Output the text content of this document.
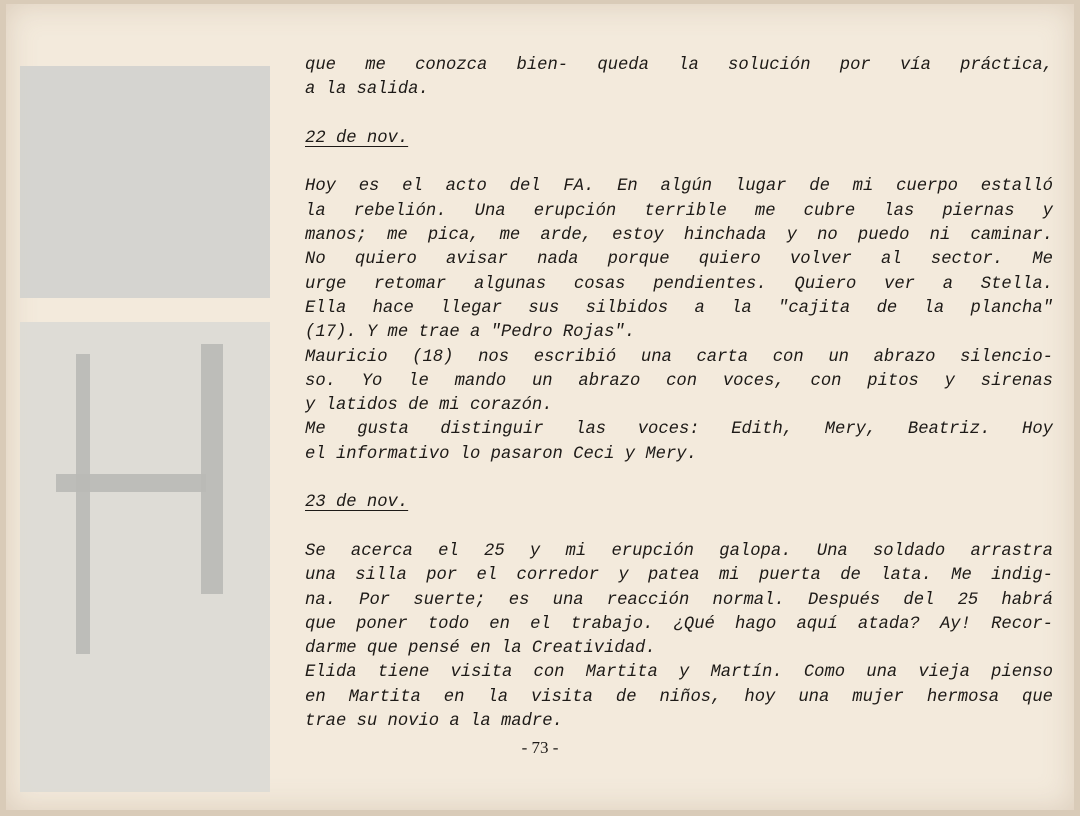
que me conozca bien- queda la solución por vía práctica,
a la salida.
22 de nov.
Hoy es el acto del FA. En algún lugar de mi cuerpo estalló
la rebelión. Una erupción terrible me cubre las piernas y
manos; me pica, me arde, estoy hinchada y no puedo ni caminar.
No quiero avisar nada porque quiero volver al sector. Me
urge retomar algunas cosas pendientes. Quiero ver a Stella.
Ella hace llegar sus silbidos a la "cajita de la plancha"
(17). Y me trae a "Pedro Rojas".
Mauricio (18) nos escribió una carta con un abrazo silencio-
so. Yo le mando un abrazo con voces, con pitos y sirenas
y latidos de mi corazón.
Me gusta distinguir las voces: Edith, Mery, Beatriz. Hoy
el informativo lo pasaron Ceci y Mery.
23 de nov.
Se acerca el 25 y mi erupción galopa. Una soldado arrastra
una silla por el corredor y patea mi puerta de lata. Me indig-
na. Por suerte; es una reacción normal. Después del 25 habrá
que poner todo en el trabajo. ¿Qué hago aquí atada? Ay! Recor-
darme que pensé en la Creatividad.
Elida tiene visita con Martita y Martín. Como una vieja pienso
en Martita en la visita de niños, hoy una mujer hermosa que
trae su novio a la madre.
- 73 -
